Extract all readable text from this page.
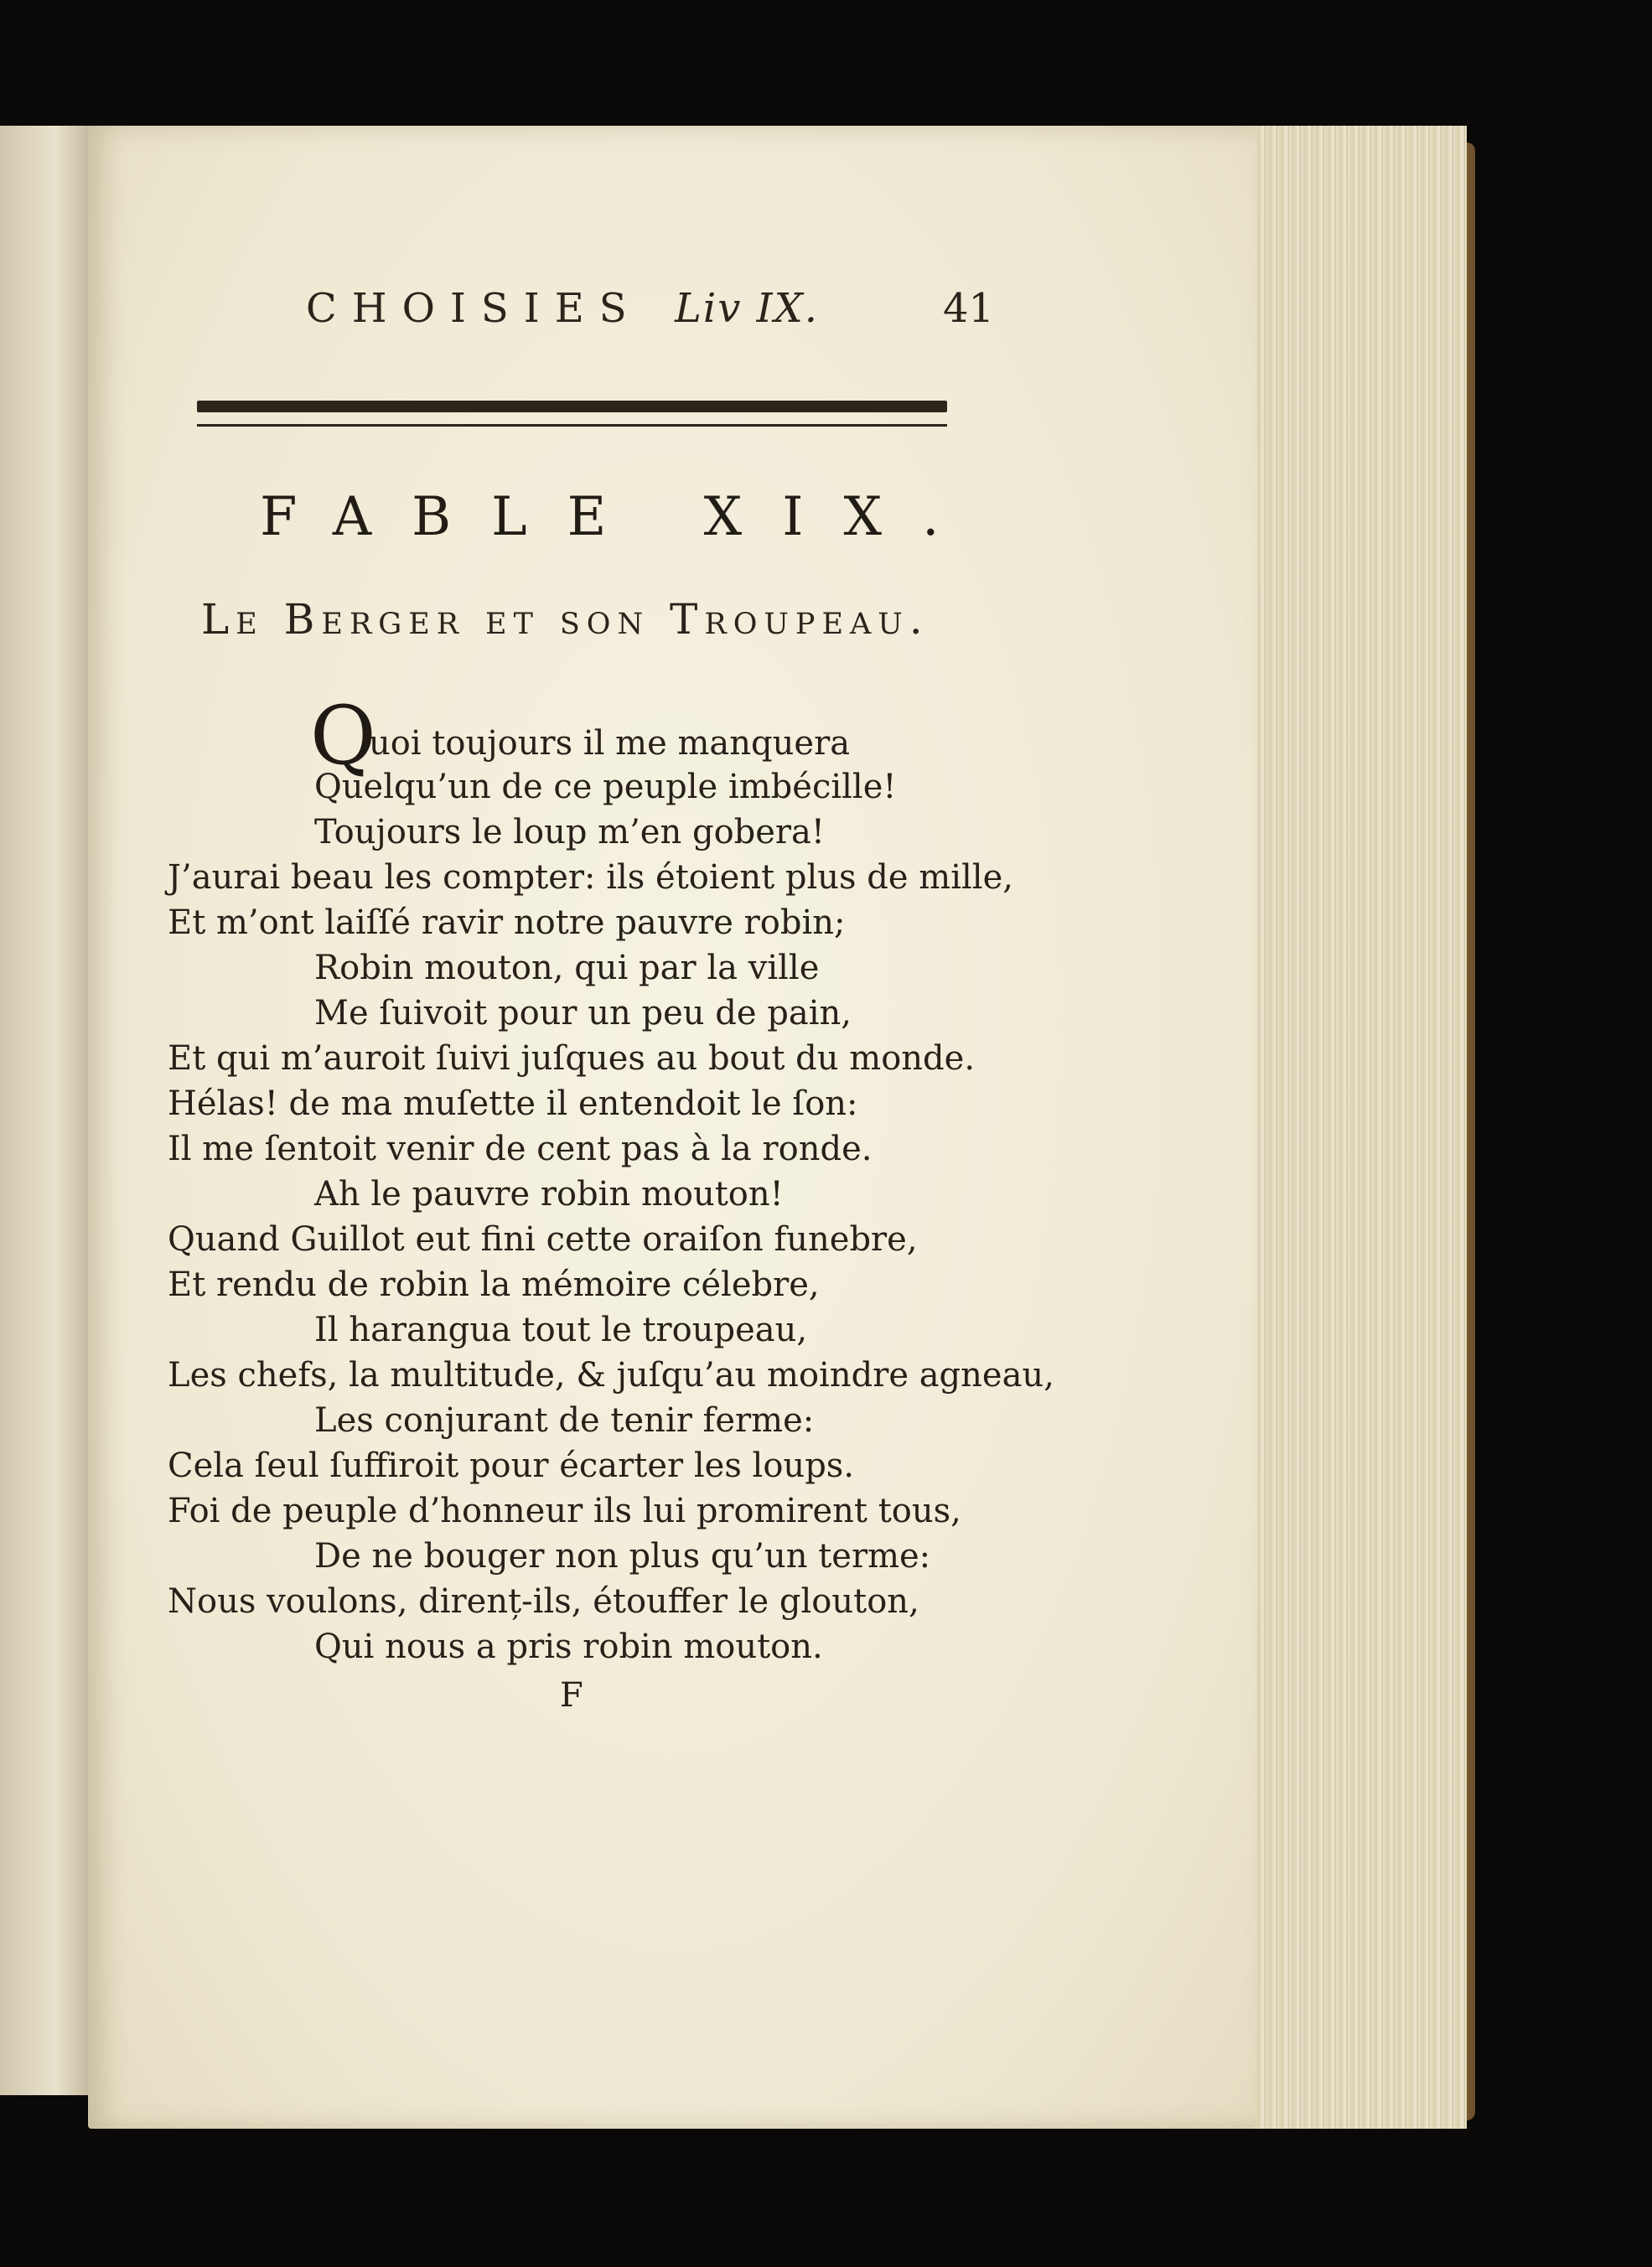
CHOISIES Liv IX.	41
FABLE XIX.
Le Berger et son Troupeau.
Q
uoi toujours il me manquera
Quelqu’un de ce peuple imbécille!
Toujours le loup m’en gobera!
J’aurai beau les compter: ils étoient plus de mille,
Et m’ont laiſſé ravir notre pauvre robin;
Robin mouton, qui par la ville
Me ſuivoit pour un peu de pain,
Et qui m’auroit ſuivi juſques au bout du monde.
Hélas! de ma muſette il entendoit le ſon:
Il me ſentoit venir de cent pas à la ronde.
Ah le pauvre robin mouton!
Quand Guillot eut fini cette oraiſon funebre,
Et rendu de robin la mémoire célebre,
Il harangua tout le troupeau,
Les chefs, la multitude, & juſqu’au moindre agneau,
Les conjurant de tenir ferme:
Cela ſeul ſuffiroit pour écarter les loups.
Foi de peuple d’honneur ils lui promirent tous,
De ne bouger non plus qu’un terme:
Nous voulons, direnț-ils, étouffer le glouton,
Qui nous a pris robin mouton.
F
